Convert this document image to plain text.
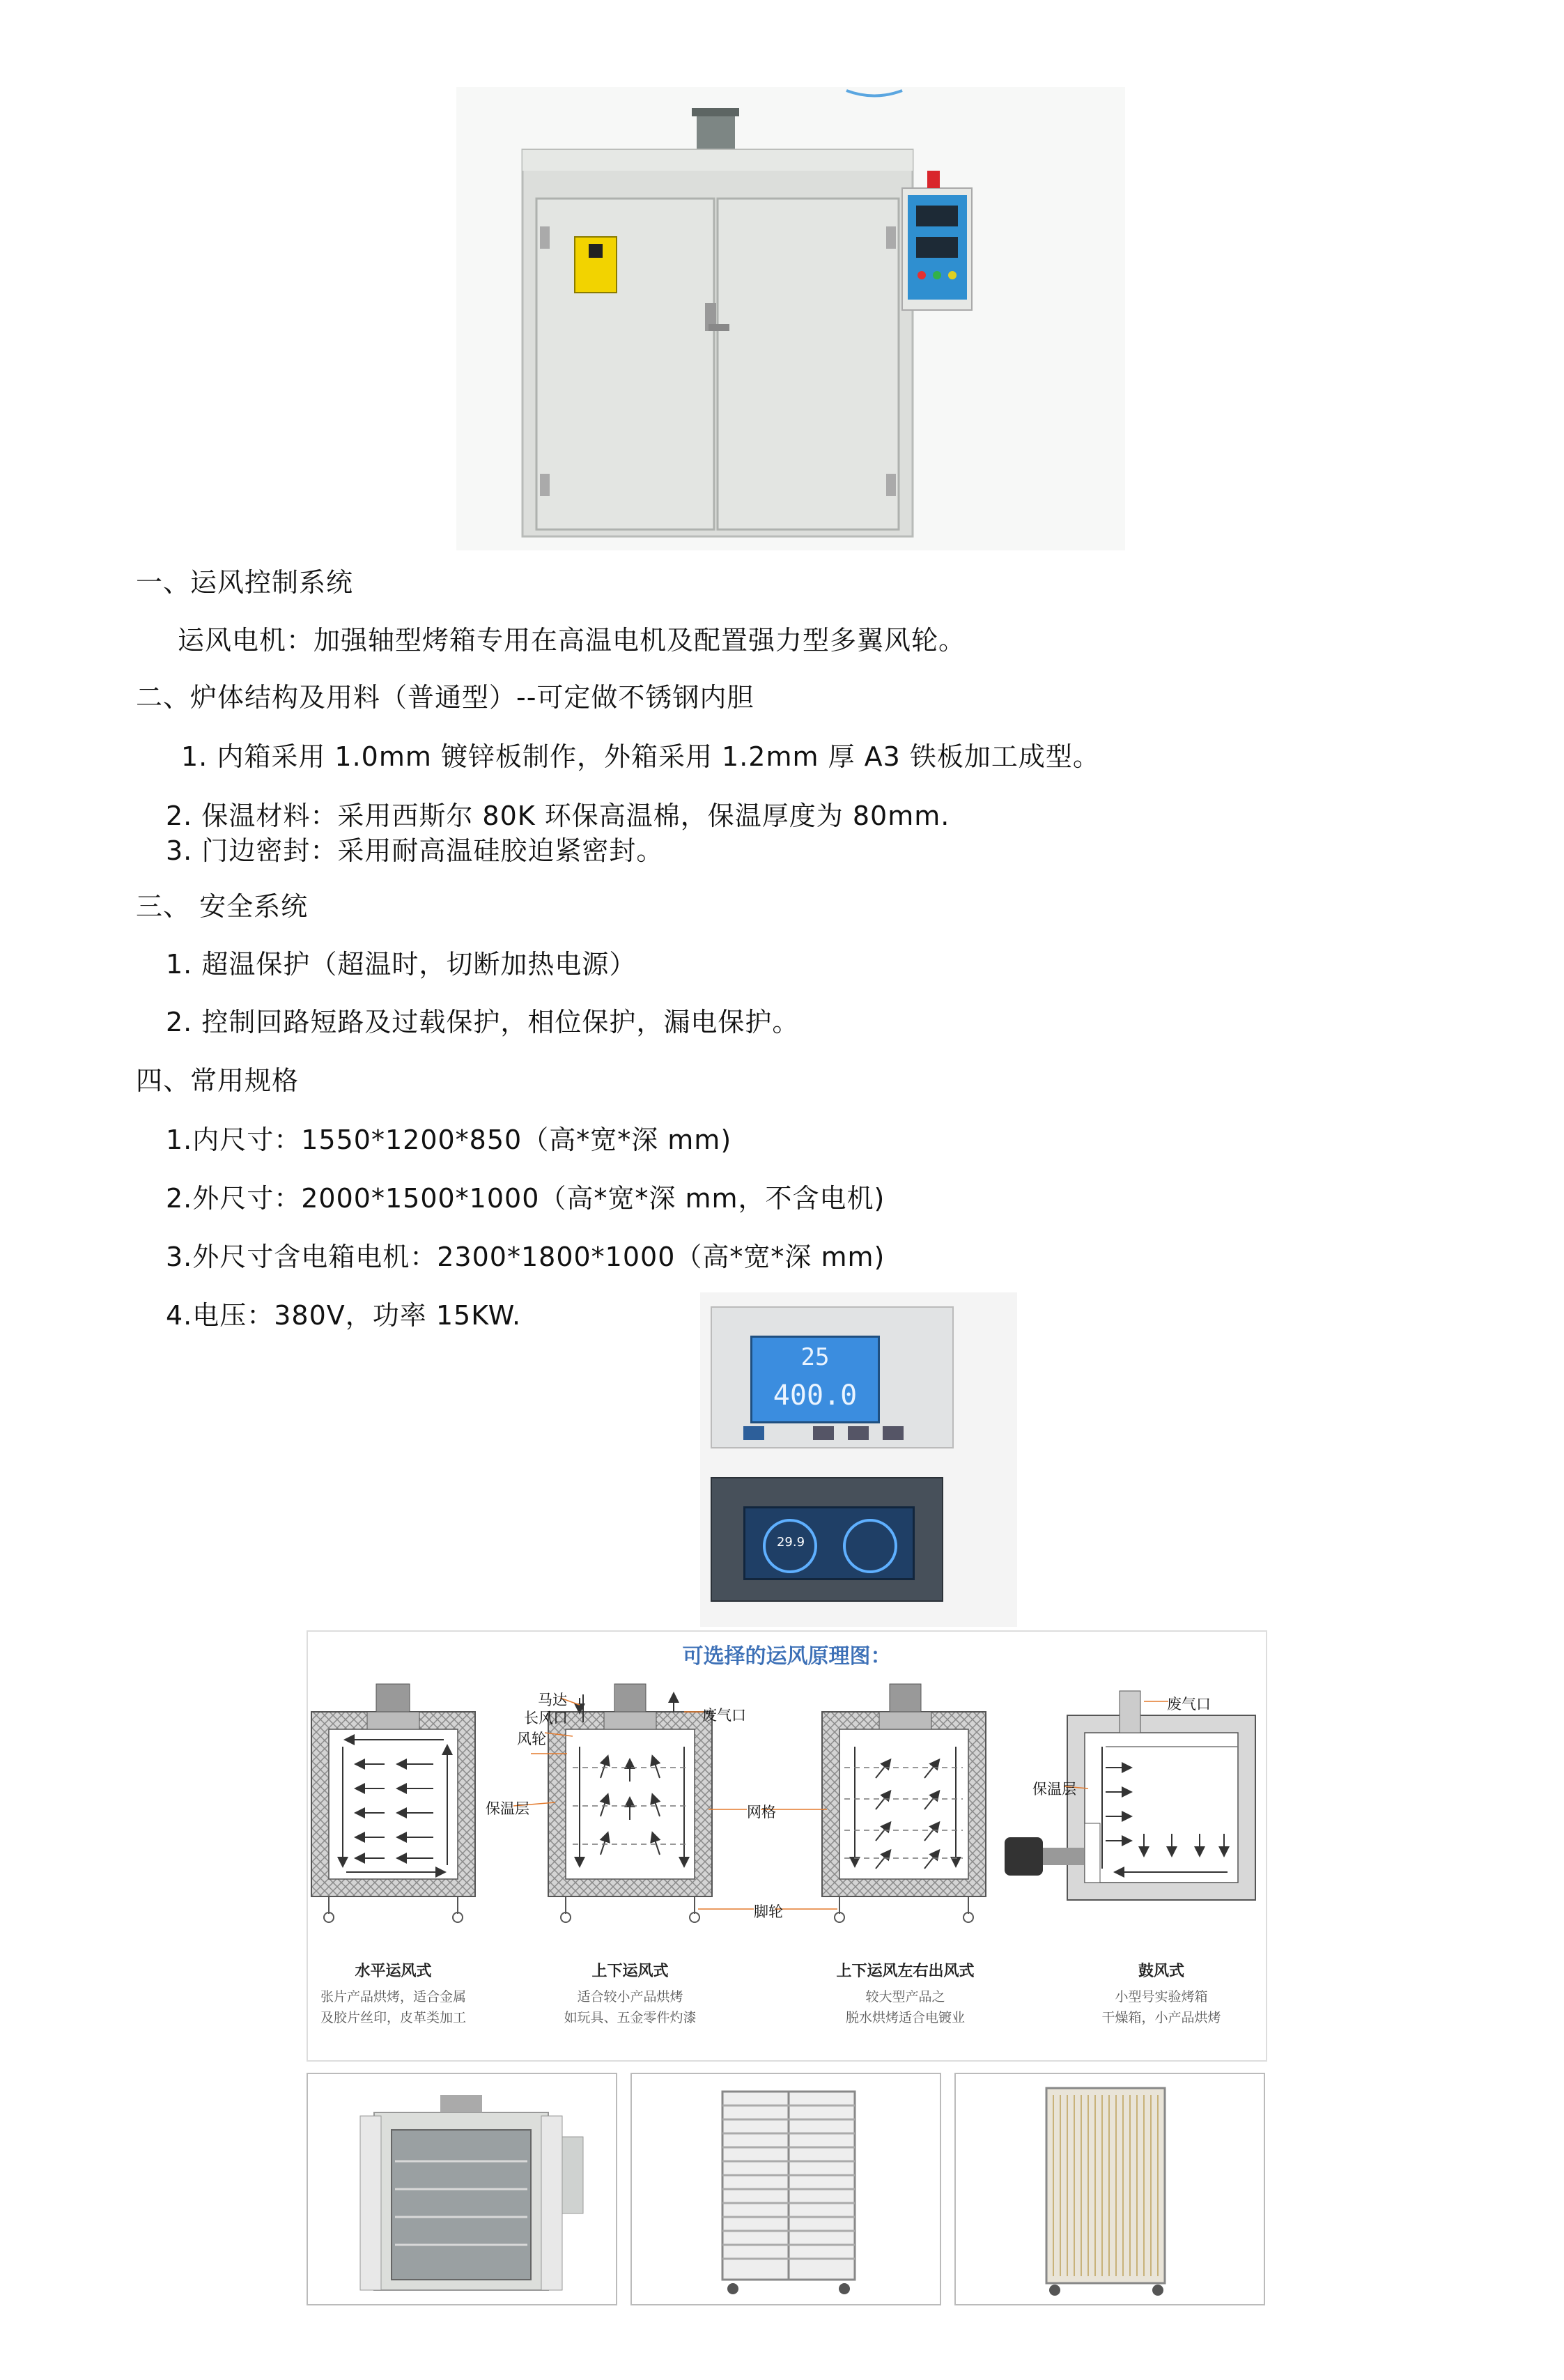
一、运风控制系统
运风电机：加强轴型烤箱专用在高温电机及配置强力型多翼风轮。
二、炉体结构及用料（普通型）--可定做不锈钢内胆
1. 内箱采用 1.0mm 镀锌板制作，外箱采用 1.2mm 厚 A3 铁板加工成型。
2. 保温材料：采用西斯尔 80K 环保高温棉，保温厚度为 80mm.
3. 门边密封：采用耐高温硅胶迫紧密封。
三、 安全系统
1. 超温保护（超温时，切断加热电源）
2. 控制回路短路及过载保护，相位保护，漏电保护。
四、常用规格
1.内尺寸：1550*1200*850（高*宽*深 mm)
2.外尺寸：2000*1500*1000（高*宽*深 mm，不含电机)
3.外尺寸含电箱电机：2300*1800*1000（高*宽*深 mm)
4.电压：380V，功率 15KW.
25
400.0
29.9
可选择的运风原理图：
马达
长风口
风轮
保温层
废气口
网格
脚轮
废气口
保温层
水平运风式
张片产品烘烤，适合金属
及胶片丝印，皮革类加工
上下运风式
适合较小产品烘烤
如玩具、五金零件灼漆
上下运风左右出风式
较大型产品之
脱水烘烤适合电镀业
鼓风式
小型号实验烤箱
干燥箱，小产品烘烤
